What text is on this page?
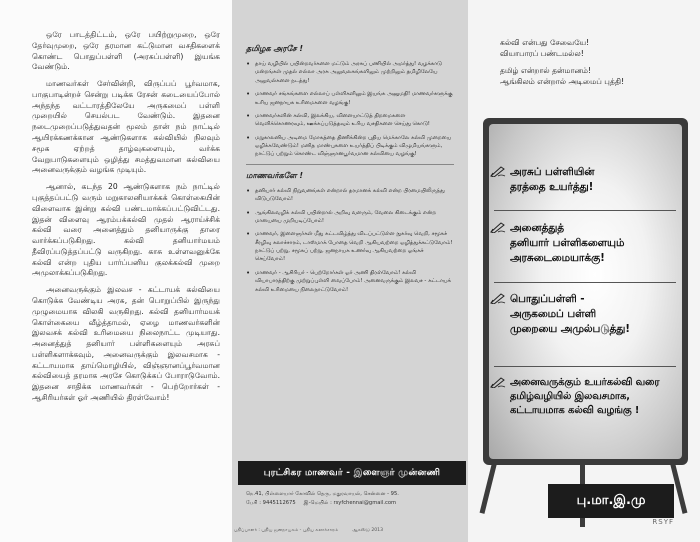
ஒரே பாடத்திட்டம், ஒரே பயிற்றுமுறை, ஒரே தேர்வுமுறை, ஒரே தரமான கட்டுமான வசதிகளைக் கொண்ட பொதுப்பள்ளி (அரசுப்பள்ளி) இயங்க வேண்டும்.

மாணவர்கள் சேர்வின்றி, விருப்பப் பூர்வமாக, பாகுபாடின்றச் சென்று படிக்க ரேசன் கடையைப்போல் அந்தந்த வட்டாரத்திலேயே அருகமைப் பள்ளி முறையில் செயல்பட வேண்டும். இதனை நடைமுறைப்படுத்துவதன் மூலம் தான் நம் நாட்டில் ஆயிரக்கணக்கான ஆண்டுகளாக கல்வியில் நிலவும் சமூக ஏற்றத் தாழ்வுகளையும், வர்க்க வேறுபாடுகளையும் ஒழித்து சமத்துவமான கல்வியை அனைவருக்கும் வழங்க முடியும்.

ஆனால், கடந்த 20 ஆண்டுகளாக நம் நாட்டில் புகுத்தப்பட்டு வரும் மறுகாலனியாக்கக் கொள்கையின் விளைவாக இன்று கல்வி பண்டமாக்கப்பட்டுவிட்டது. இதன் விளைவு ஆரம்பக்கல்வி முதல் ஆராய்ச்சிக் கல்வி வரை அனைத்தும் தனியாருக்கு தாரை வார்க்கப்படுகிறது. கல்வி தனியார்மயம் தீவிரப்படுத்தப்பட்டு வருகிறது. காசு உள்ளவனுக்கே கல்வி என்ற புதிய பார்ப்பனிய குலக்கல்வி முறை அமுலாக்கப்படுகிறது.

அனைவருக்கும் இலவச - கட்டாயக் கல்வியை கொடுக்க வேண்டிய அரசு, தன் பொறுப்பில் இருந்து முழுமையாக விலகி வருகிறது. கல்வி தனியார்மயக் கொள்கையை வீழ்த்தாமல், ஏழை மாணவர்களின் இலவசக் கல்வி உரிமையை நிலைநாட்ட முடியாது. அனைத்துத் தனியார் பள்ளிகளையும் அரசுப் பள்ளிகளாக்கவும், அனைவருக்கும் இலவசமாக - கட்டாயமாக தாய்மொழியில், விஞ்ஞானப்பூர்வமான கல்வியைத் தரமாக அரசே கொடுக்கப் போராடுவோம். இதனை சாதிக்க மாணவர்கள் - பெற்றோர்கள் - ஆசிரியர்கள் ஓர் அணியில் திரள்வோம்!

தமிழக அரசே !
• தாய் வழியில் பயின்றவர்களை மட்டும் அரசுப் பணியில் அமர்த்து! வழக்காடு மன்றங்கள் முதல் எல்லா அரசு அலுவலகங்களிலும் முற்றிலும் தமிழிலேயே அலுவல்களை நடத்து!
• மாணவர் சங்கங்களை எல்லாப் பள்ளிகளிலும் இயங்க அனுமதி! மாணவர்களுக்கு உரிய ஜனநாயக உரிமைகளை வழங்கு!
• மாணவர்களின் கல்வி, இலக்கிய, விளையாட்டுத் திறமைகளை வெளிக்கொணரவும், ஊக்கப்படுத்தவும் உரிய வசதிகளை செய்து கொடு!
• மறுகாலனிய அடிமை மோகத்தை திணிக்கின்ற புதிய மெக்காலே கல்வி முறையை ஒழிக்கவேண்டும்! மனித மாண்புகளை உயர்த்திப் பிடிக்கும் விழுமியங்களும், நாட்டுப் பற்றும் கொண்ட விஞ்ஞானபூர்வமான கல்வியை வழங்கு!
மாணவர்களே !
• தனியார் கல்வி நிறுவனங்கள் என்றால் தரமானக் கல்வி என்ற பிரமையிலிருந்து விடுபடுவோம்!
• ஆங்கிலவழிக் கல்வி பயின்றால் அறிவு வளரும், வேலை கிடைக்கும் என்ற மாயையை முறியடிப்போம்!
• மாணவர், இளைஞர்கள் மீது கட்டவிழ்த்து விடப்பட்டுள்ள நுகர்வு வெறி, சமூகச் சீரழிவு கலாச்சாரம், டாஸ்மாக் போதை வெறி ஆகியவற்றை ஒழித்துக்கட்டுவோம்! நாட்டுப் பற்று, சமூகப் பற்று, ஜனநாயக உணர்வு ஆகியவற்றை ஓங்கச் செய்வோம்!
• மாணவர் - ஆசிரியர் - பெற்றோர்கள் ஓர் அணி திரள்வோம்! கல்வி வியாபாரத்திற்கு முற்றுப்புள்ளி வைப்போம்! அனைவருக்கும் இலவச - கட்டாயக் கல்வி உரிமையை நிலைநாட்டுவோம்!
புரட்சிகர மாணவர் - இளைஞர் முன்னணி
நெ.41, பிள்ளையார் கோவில் தெரு, மதுரவாயல், சென்னை - 95.
பேசி : 9445112675 இ-மெயில் : rsyfchennai@gmail.com
பதிப்பாளர் : புதிய ஜனநாயகம் - புதிய கலாச்சாரம்	ஆகஸ்டு 2013
கல்வி என்பது சேவையே!
வியாபாரப் பண்டமல்ல!
தமிழ் என்றால் தன்மானம்!
ஆங்கிலம் என்றால் அடிமைப் புத்தி!
அரசுப் பள்ளியின்
தரத்தை உயர்த்து!
அனைத்துத்
தனியார் பள்ளிகளையும்
அரசுடைமையாக்கு!
பொதுப்பள்ளி -
அருகமைப் பள்ளி
முறையை அமுல்படுத்து!
அனைவருக்கும் உயர்கல்வி வரை
தமிழ்வழியில் இலவசமாக,
கட்டாயமாக கல்வி வழங்கு !
பு.மா.இ.மு
RSYF
